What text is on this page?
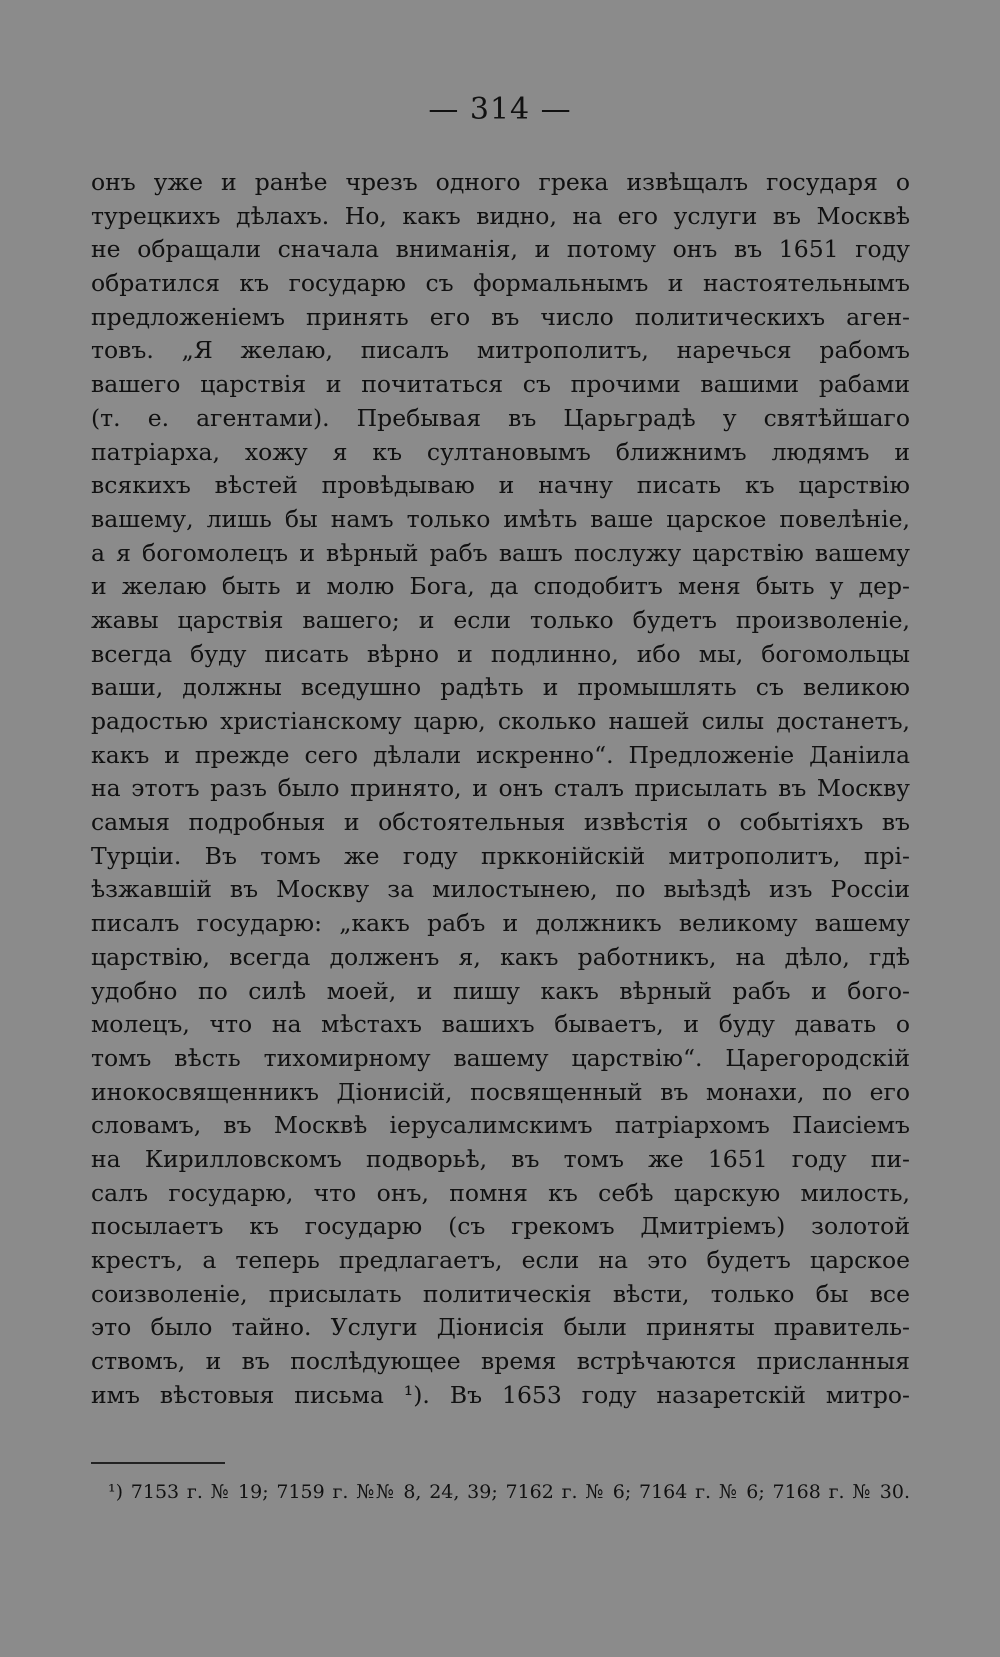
— 314 —
онъ уже и ранѣе чрезъ одного грека извѣщалъ государя о
турецкихъ дѣлахъ. Но, какъ видно, на его услуги въ Москвѣ
не обращали сначала вниманія, и потому онъ въ 1651 году
обратился къ государю съ формальнымъ и настоятельнымъ
предложеніемъ принять его въ число политическихъ аген-
товъ. „Я желаю, писалъ митрополитъ, наречься рабомъ
вашего царствія и почитаться съ прочими вашими рабами
(т. е. агентами). Пребывая въ Царьградѣ у святѣйшаго
патріарха, хожу я къ султановымъ ближнимъ людямъ и
всякихъ вѣстей провѣдываю и начну писать къ царствію
вашему, лишь бы намъ только имѣть ваше царское повелѣніе,
а я богомолецъ и вѣрный рабъ вашъ послужу царствію вашему
и желаю быть и молю Бога, да сподобитъ меня быть у дер-
жавы царствія вашего; и если только будетъ произволеніе,
всегда буду писать вѣрно и подлинно, ибо мы, богомольцы
ваши, должны вседушно радѣть и промышлять съ великою
радостью христіанскому царю, сколько нашей силы достанетъ,
какъ и прежде сего дѣлали искренно“. Предложеніе Даніила
на этотъ разъ было принято, и онъ сталъ присылать въ Москву
самыя подробныя и обстоятельныя извѣстія о событіяхъ въ
Турціи. Въ томъ же году пркконійскій митрополитъ, прі-
ѣзжавшій въ Москву за милостынею, по выѣздѣ изъ Россіи
писалъ государю: „какъ рабъ и должникъ великому вашему
царствію, всегда долженъ я, какъ работникъ, на дѣло, гдѣ
удобно по силѣ моей, и пишу какъ вѣрный рабъ и бого-
молецъ, что на мѣстахъ вашихъ бываетъ, и буду давать о
томъ вѣсть тихомирному вашему царствію“. Царегородскій
инокосвященникъ Діонисій, посвященный въ монахи, по его
словамъ, въ Москвѣ іерусалимскимъ патріархомъ Паисіемъ
на Кирилловскомъ подворьѣ, въ томъ же 1651 году пи-
салъ государю, что онъ, помня къ себѣ царскую милость,
посылаетъ къ государю (съ грекомъ Дмитріемъ) золотой
крестъ, а теперь предлагаетъ, если на это будетъ царское
соизволеніе, присылать политическія вѣсти, только бы все
это было тайно. Услуги Діонисія были приняты правитель-
ствомъ, и въ послѣдующее время встрѣчаются присланныя
имъ вѣстовыя письма ¹). Въ 1653 году назаретскій митро-
¹) 7153 г. № 19; 7159 г. №№ 8, 24, 39; 7162 г. № 6; 7164 г. № 6; 7168 г. № 30.
